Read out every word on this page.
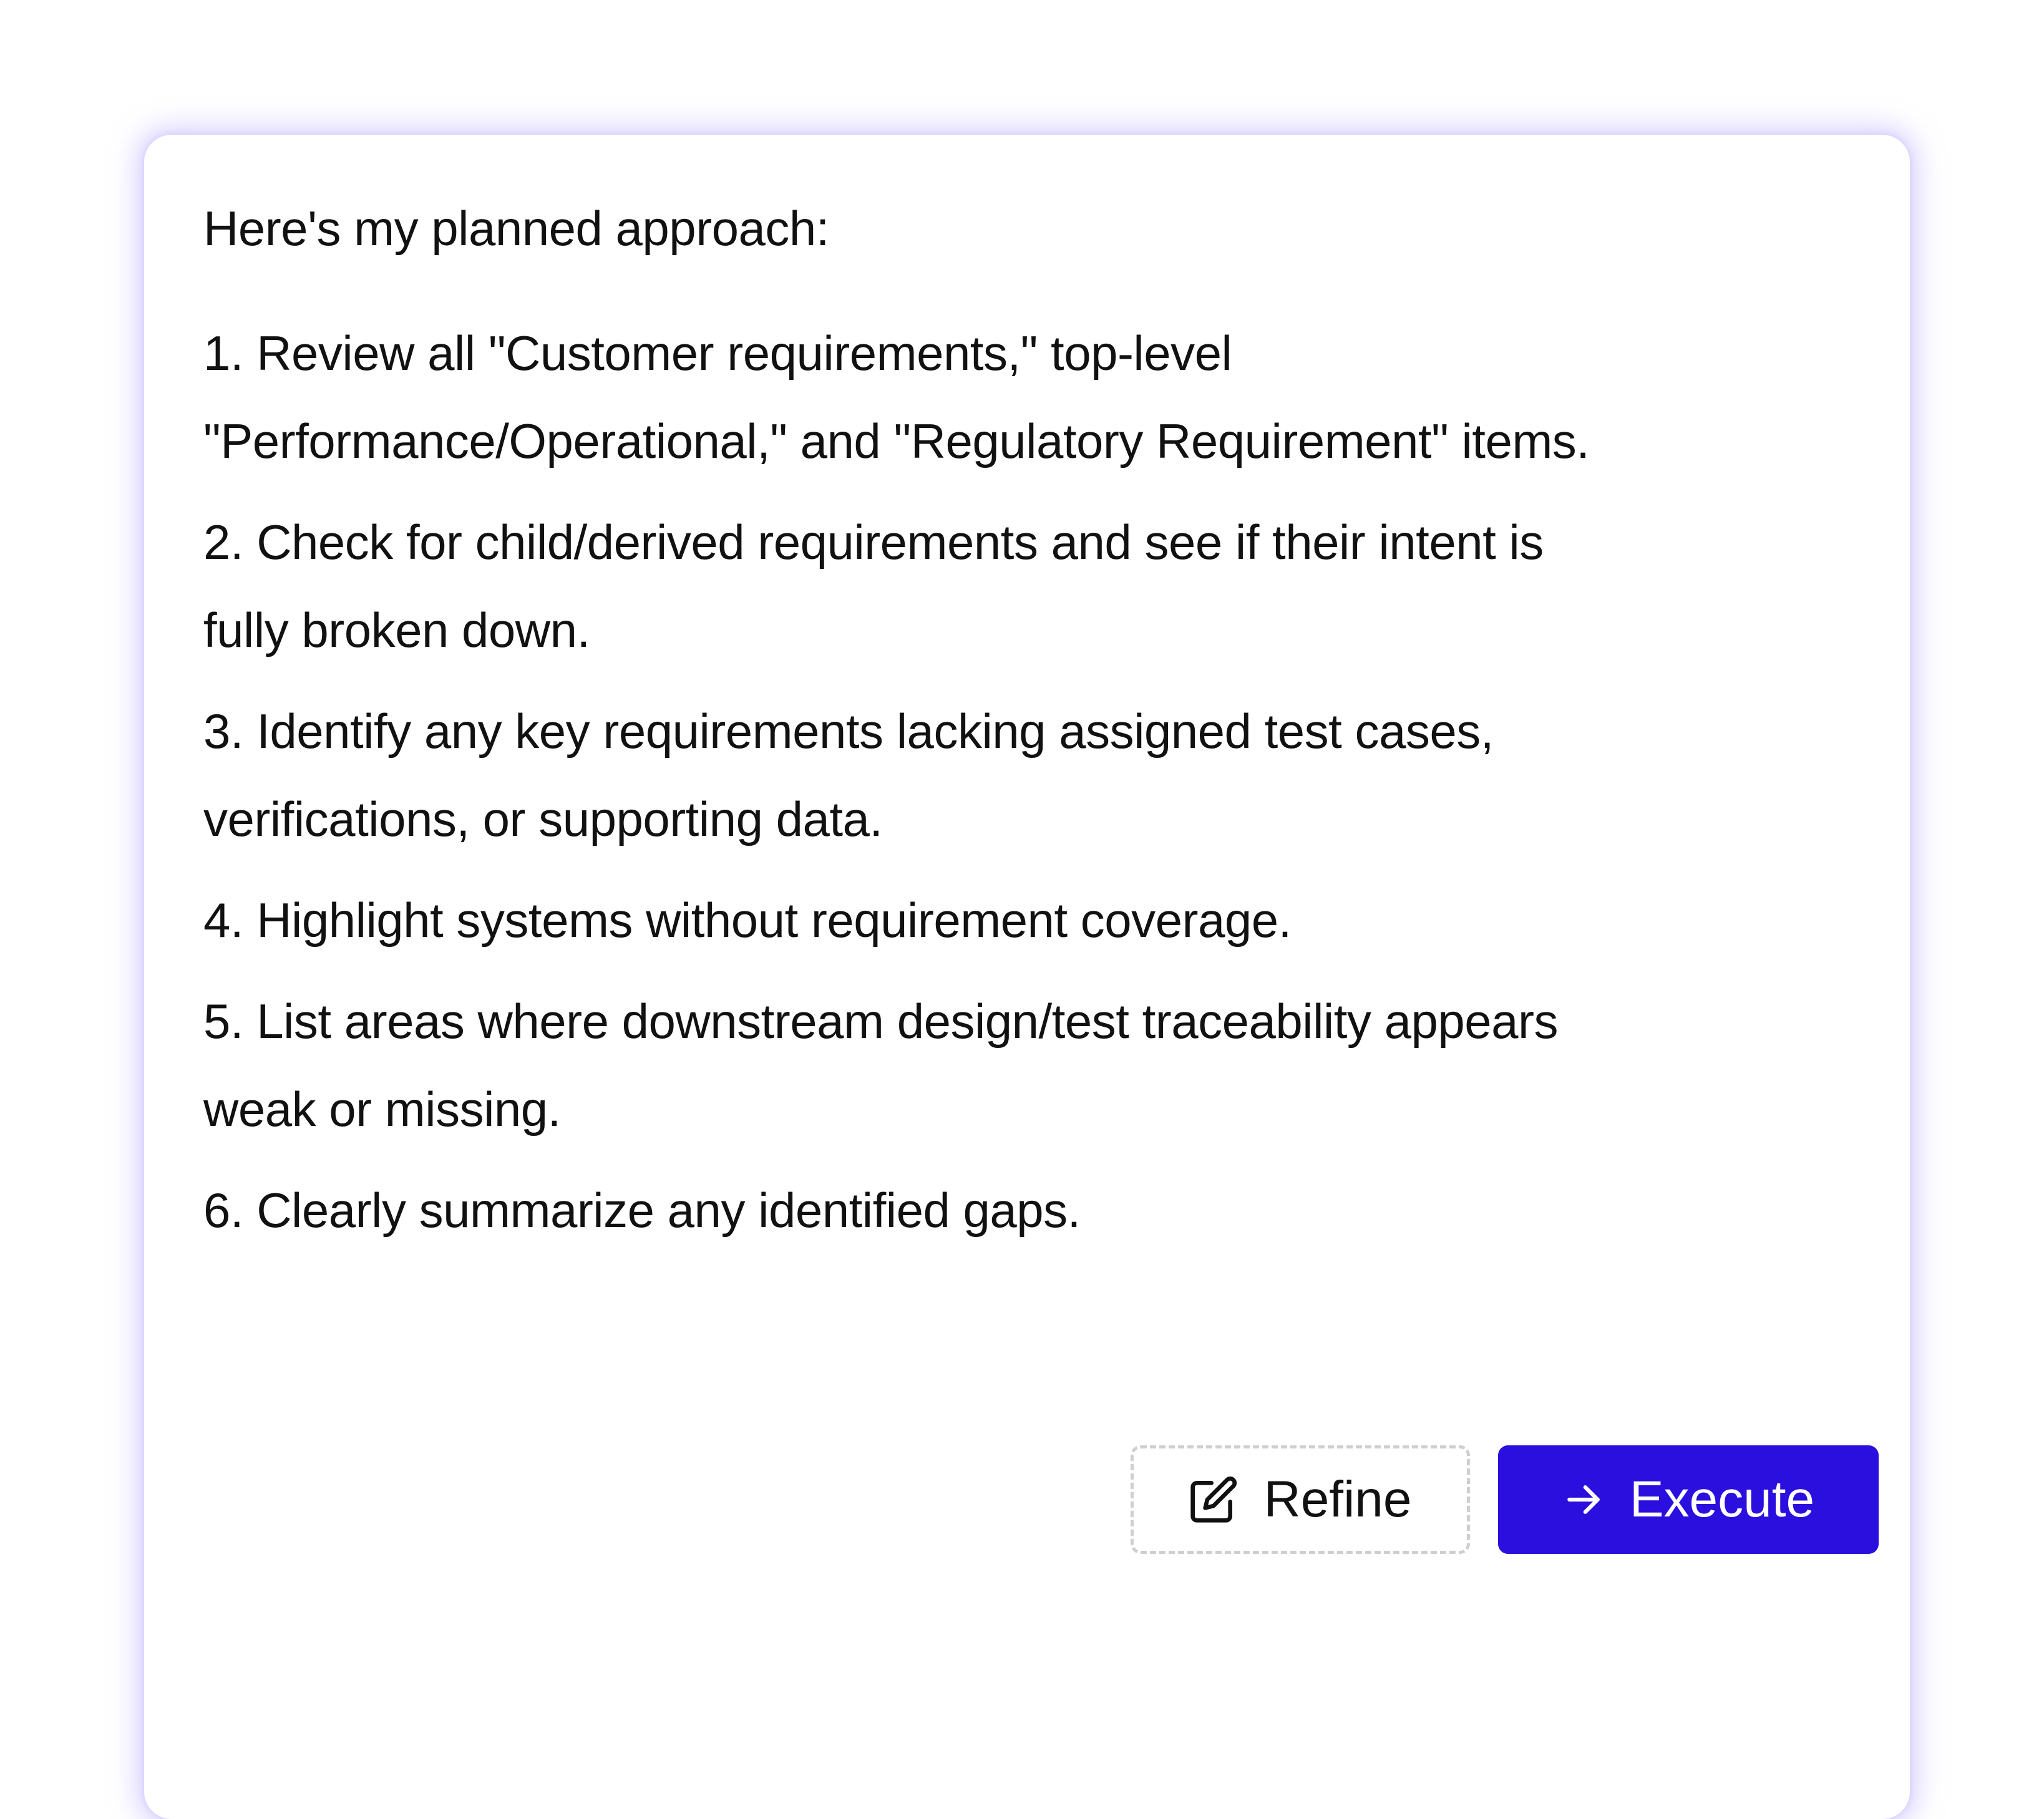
Here's my planned approach:

1. Review all "Customer requirements," top-level "Performance/Operational," and "Regulatory Requirement" items.
2. Check for child/derived requirements and see if their intent is fully broken down.
3. Identify any key requirements lacking assigned test cases, verifications, or supporting data.
4. Highlight systems without requirement coverage.
5. List areas where downstream design/test traceability appears weak or missing.
6. Clearly summarize any identified gaps.
Refine	Execute
